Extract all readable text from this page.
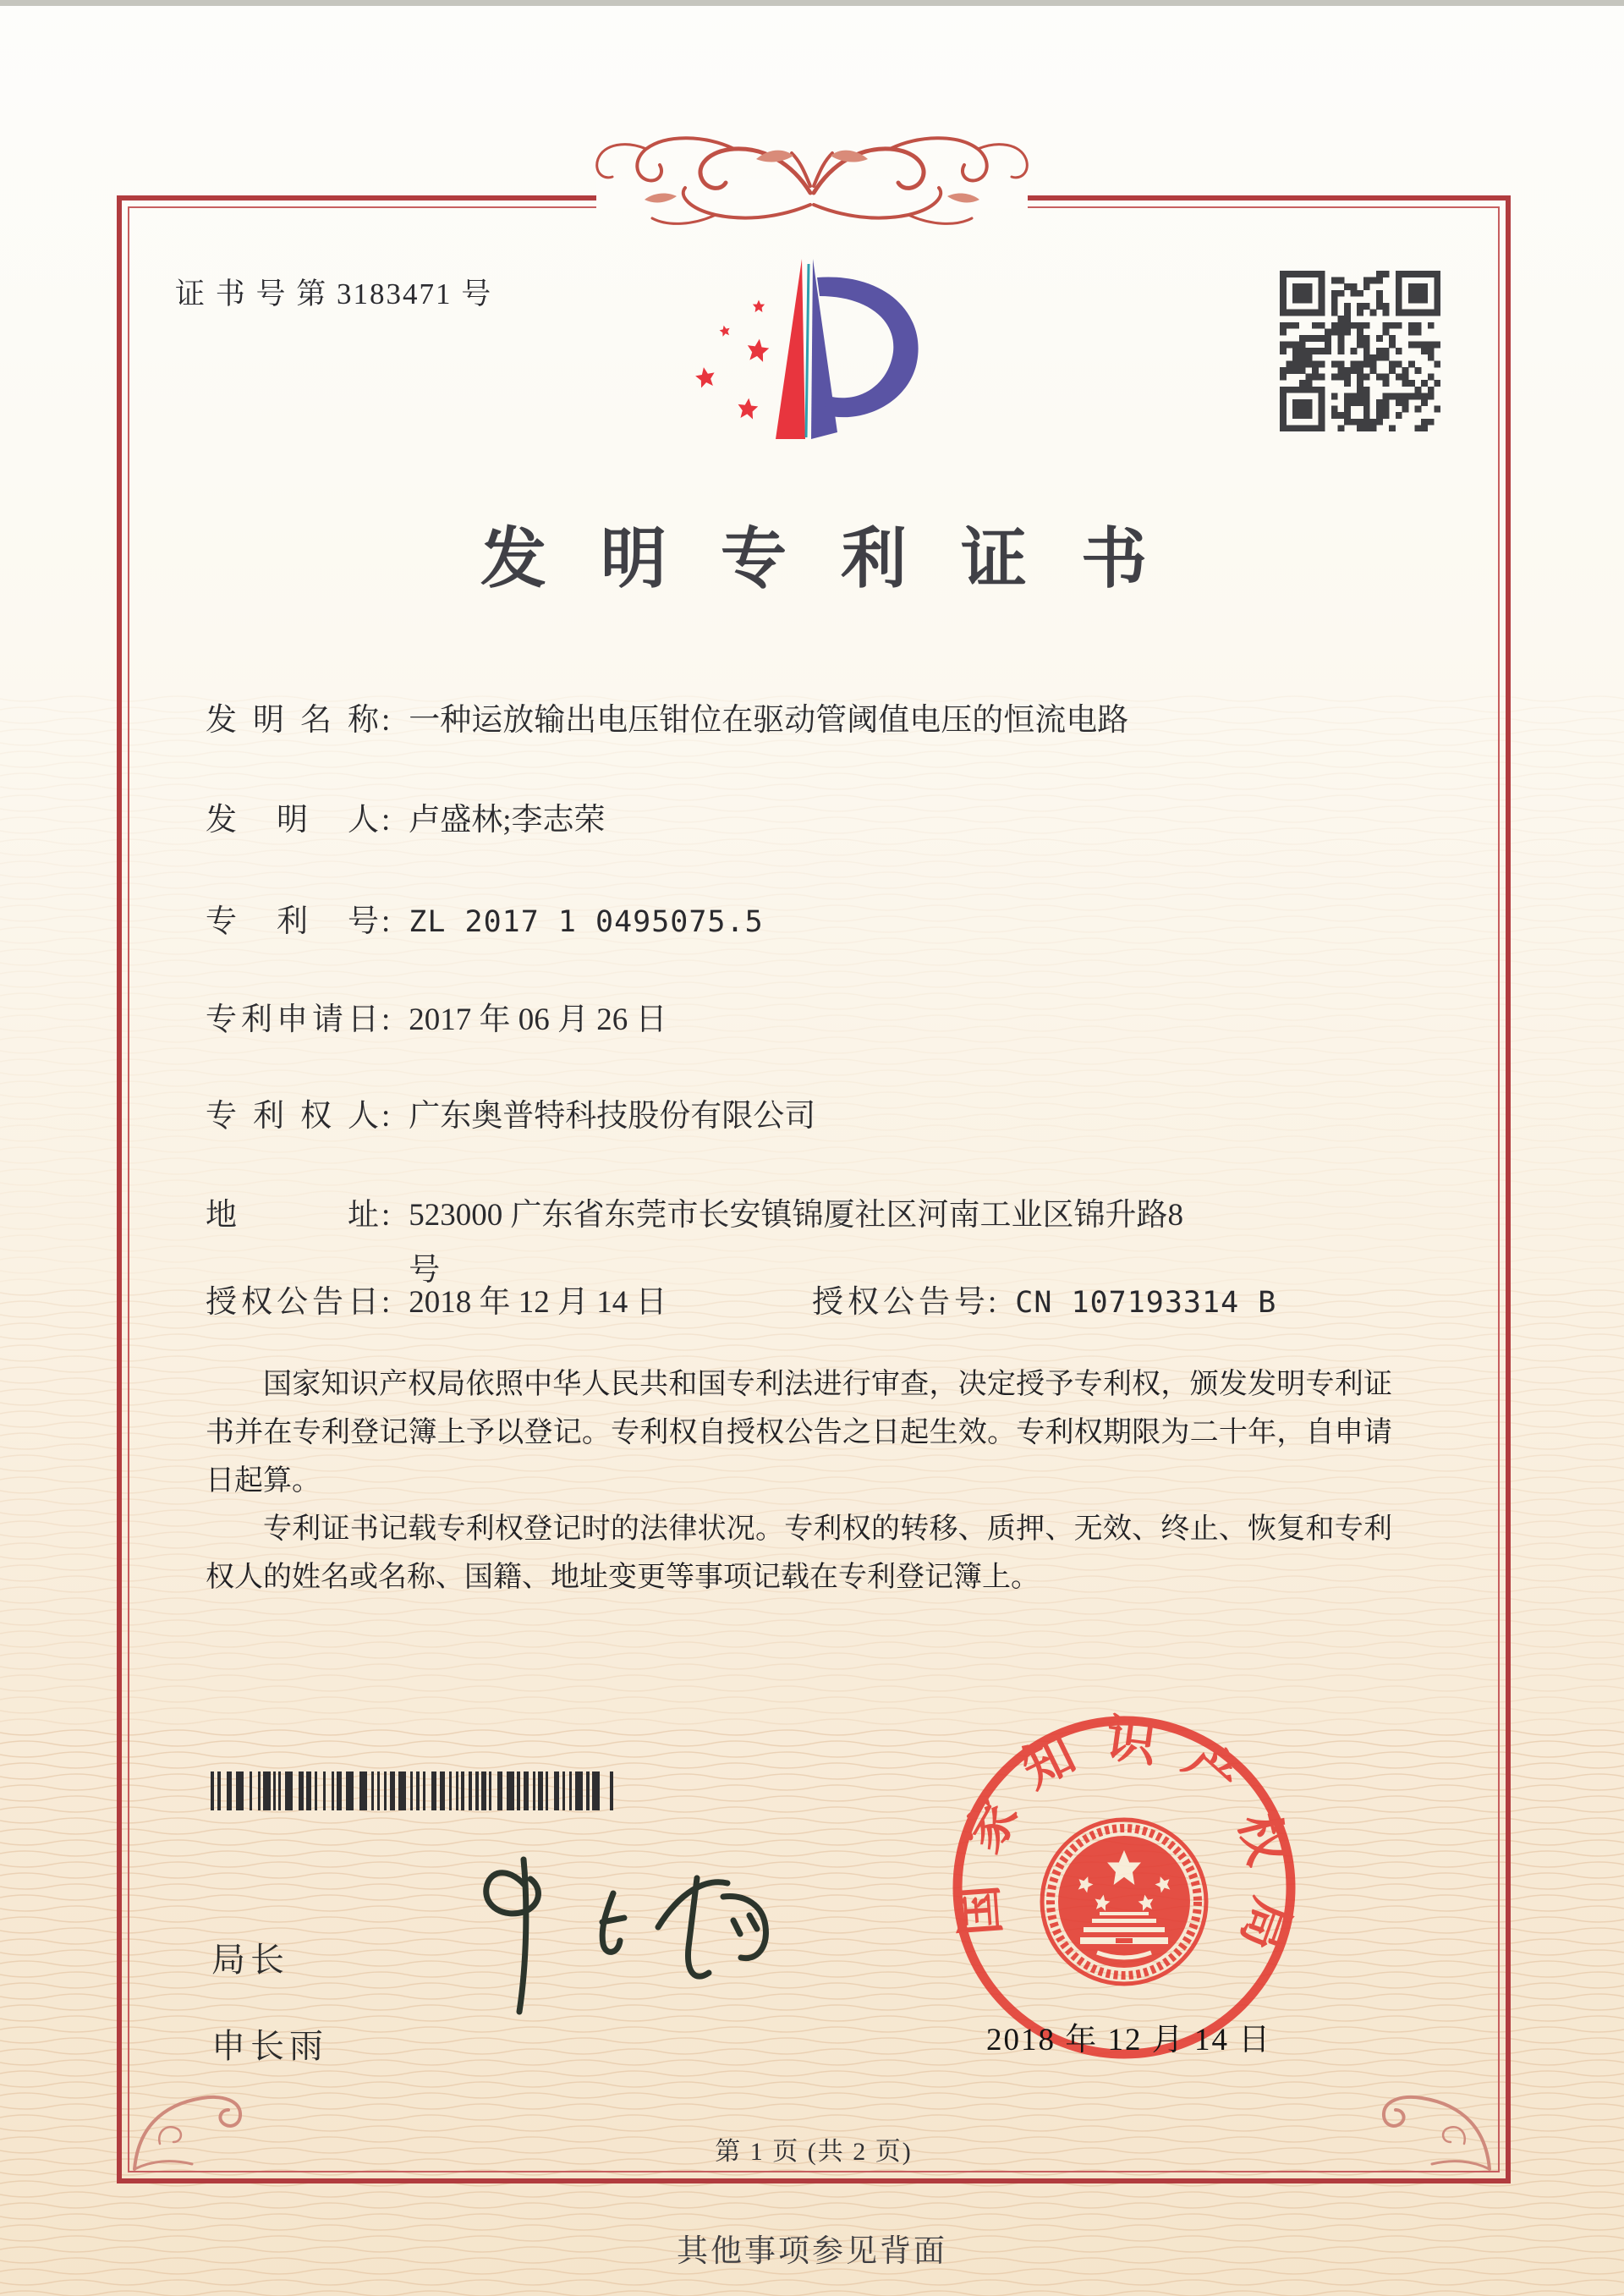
证 书 号 第 3183471 号
发明专利证书
发明名称 : 一种运放输出电压钳位在驱动管阈值电压的恒流电路
发明人 : 卢盛林;李志荣
专利号 : ZL 2017 1 0495075.5
专利申请日 : 2017 年 06 月 26 日
专利权人 : 广东奥普特科技股份有限公司
地址 : 523000 广东省东莞市长安镇锦厦社区河南工业区锦升路8号
授权公告日 : 2018 年 12 月 14 日	授权公告号 : CN 107193314 B
国家知识产权局依照中华人民共和国专利法进行审查，决定授予专利权，颁发发明专利证书并在专利登记簿上予以登记。专利权自授权公告之日起生效。专利权期限为二十年，自申请日起算。
专利证书记载专利权登记时的法律状况。专利权的转移、质押、无效、终止、恢复和专利权人的姓名或名称、国籍、地址变更等事项记载在专利登记簿上。
局长
申长雨
国家知识产权局
2018 年 12 月 14 日
第 1 页 (共 2 页)
其他事项参见背面
